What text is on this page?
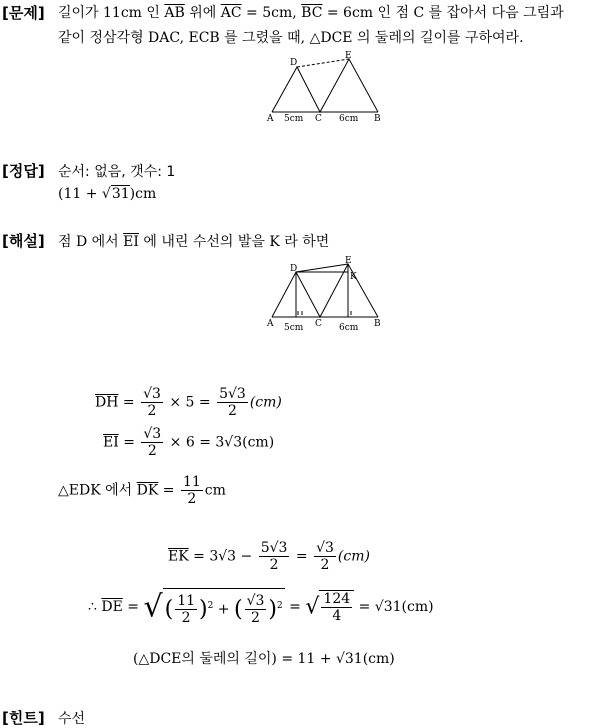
[문제] 길이가 11cm 인 $\overline{AB}$ 위에 $\overline{AC} = 5cm$, $\overline{BC} = 6cm$ 인 점 C 를 잡아서 다음 그림과
같이 정삼각형 DAC, ECB 를 그렸을 때, △DCE 의 둘레의 길이를 구하여라.
D
E
A	C	B
5cm	6cm
[정답] 순서: 없음, 갯수: 1
(11 + √31)cm
[해설] 점 D 에서 $\overline{EI}$ 에 내린 수선의 발을 K 라 하면
D
E
K
A	C	B
5cm	6cm
$\overline{DH} = \frac{√3}{2} \times 5 = \frac{5√3}{2} (cm)$
$\overline{EI} = \frac{√3}{2} \times 6 = 3√3(cm)$
△EDK 에서 $\overline{DK} = \frac{11}{2}$ cm
$\overline{EK} = 3√3 - \frac{5√3}{2} = \frac{√3}{2} (cm)$
∴ $\overline{DE}$ = √( $\frac{11}{2} )^2$ + ( $\frac{√3}{2} )^2$ = √ $\frac{124}{4} = √31(cm)$
(△DCE의 둘레의 길이) = 11 + √31(cm)
[힌트] 수선
